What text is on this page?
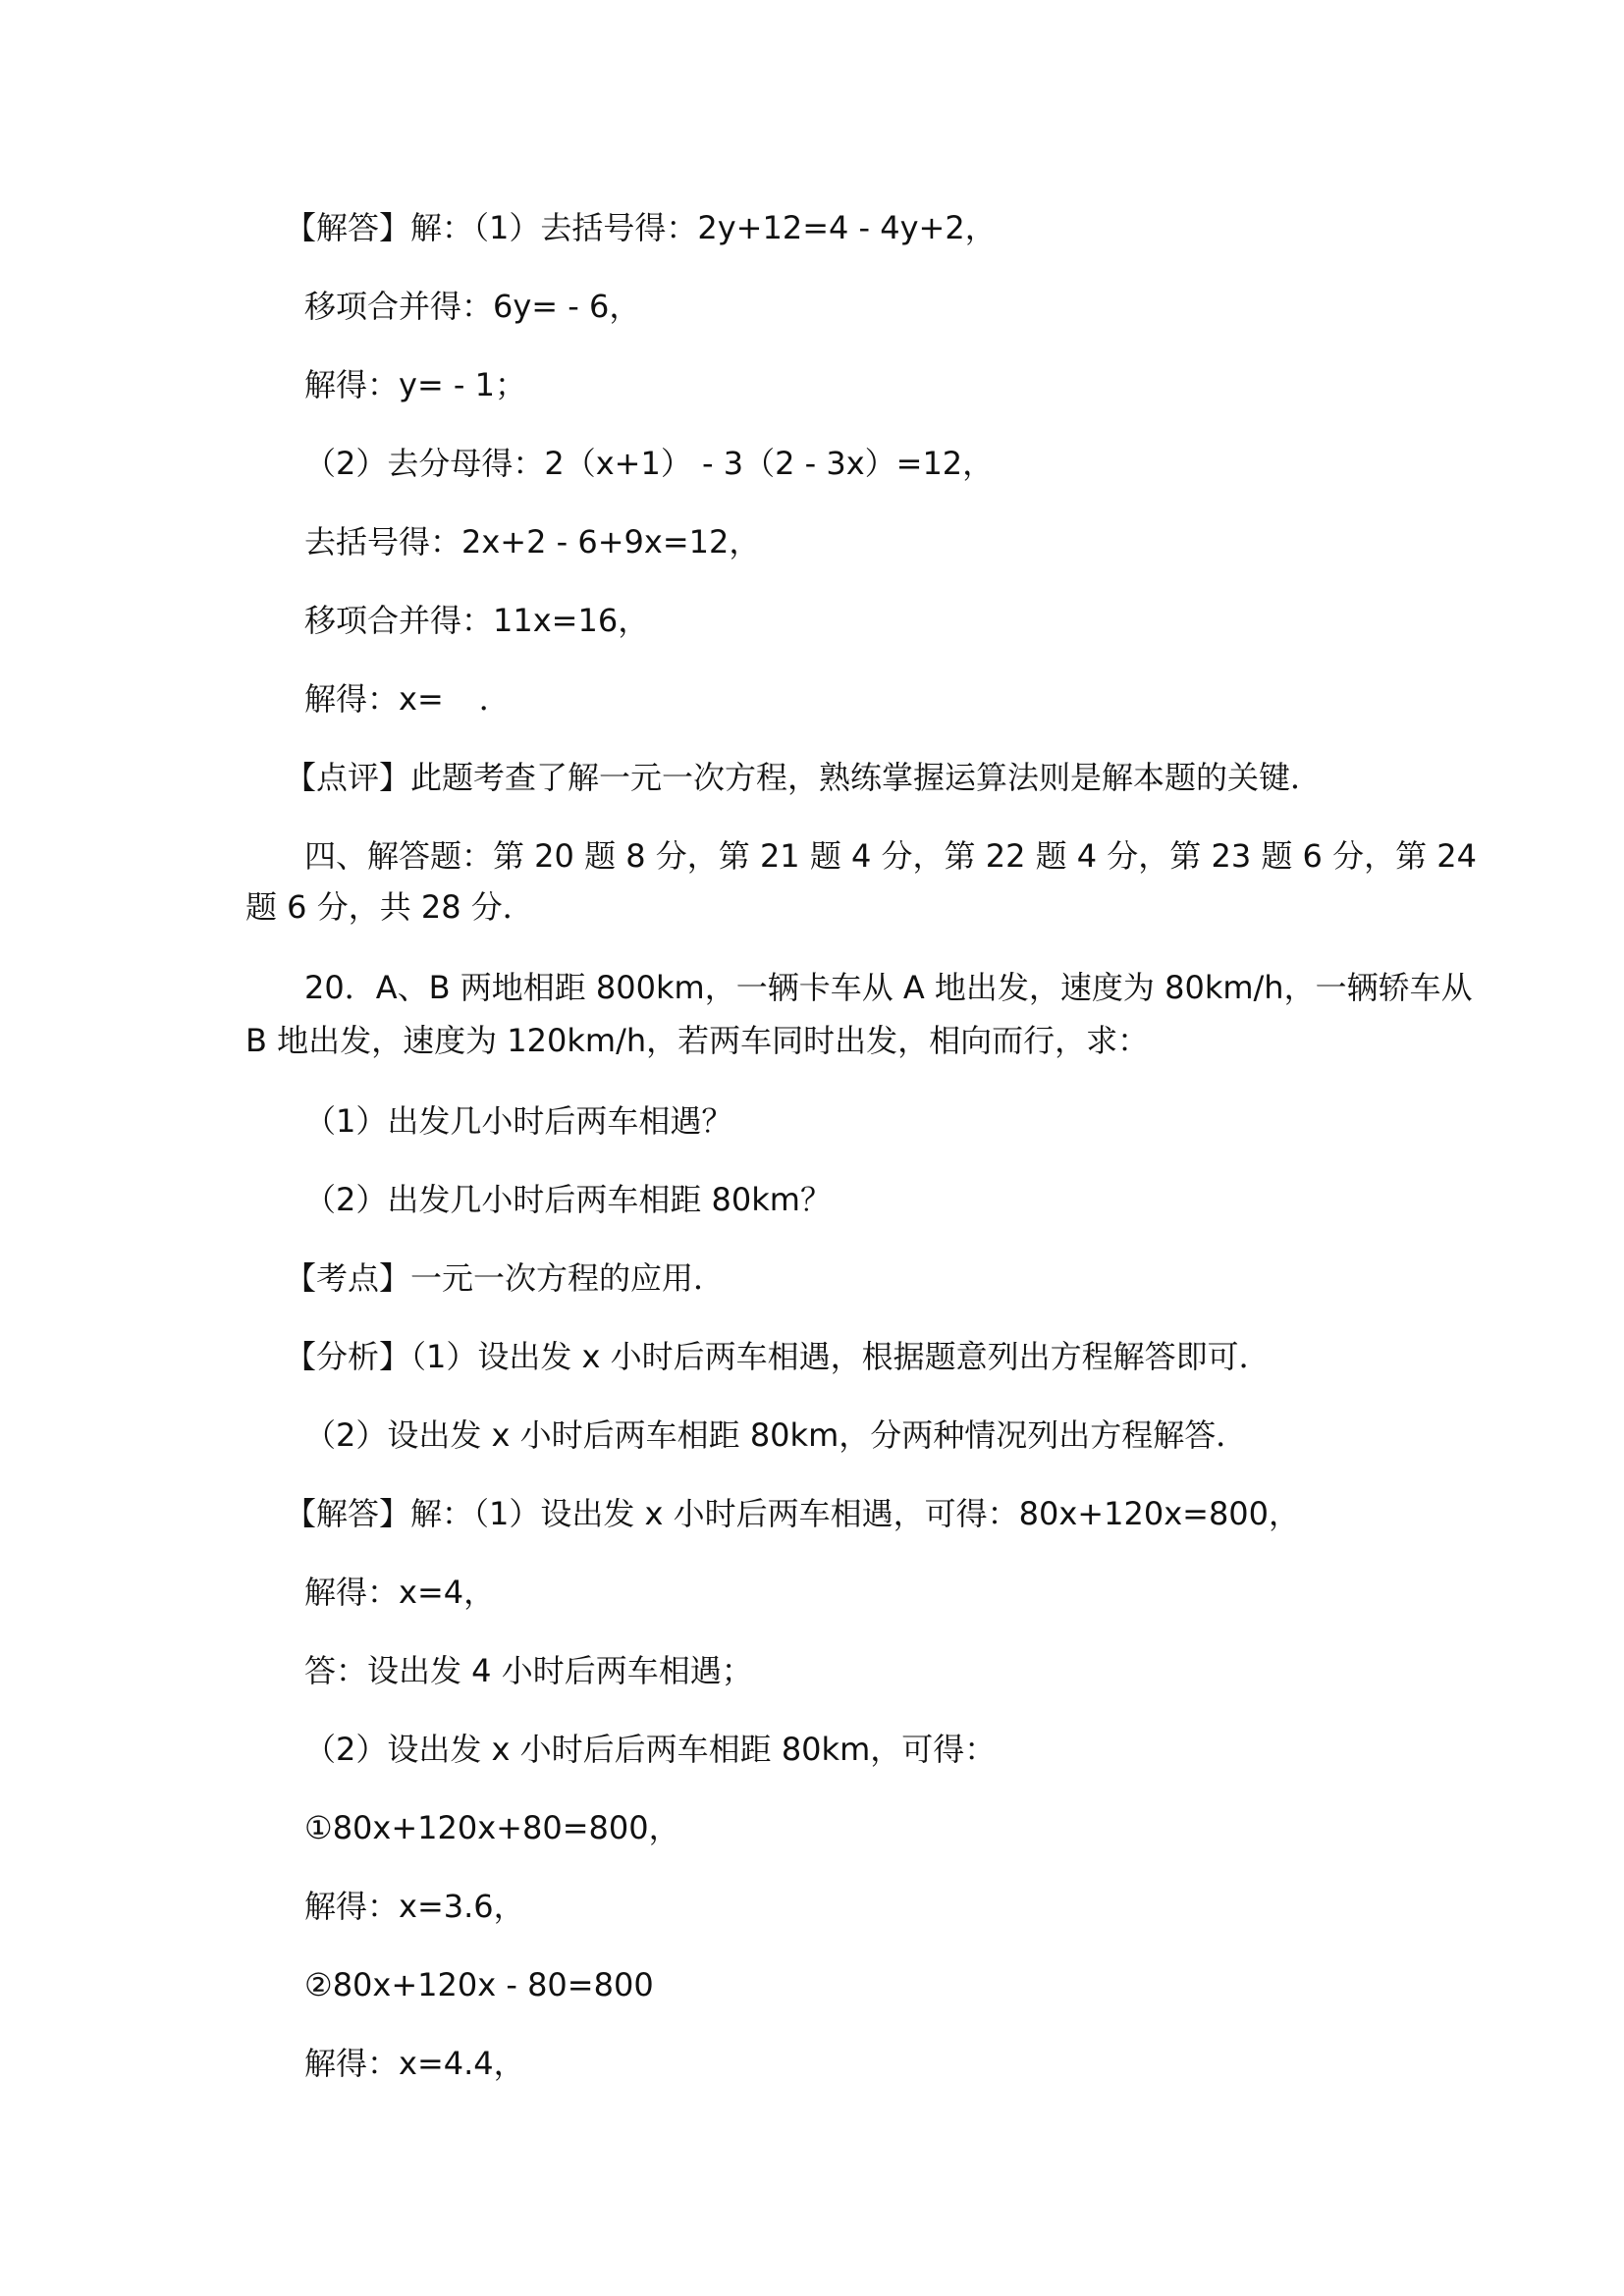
【解答】解：（1）去括号得：2y+12=4 - 4y+2，
移项合并得：6y= - 6，
解得：y= - 1；
（2）去分母得：2（x+1） - 3（2 - 3x）=12，
去括号得：2x+2 - 6+9x=12，
移项合并得：11x=16，
解得：x= ．
【点评】此题考查了解一元一次方程，熟练掌握运算法则是解本题的关键．
四、解答题：第 20 题 8 分，第 21 题 4 分，第 22 题 4 分，第 23 题 6 分，第 24
题 6 分，共 28 分．
20．A、B 两地相距 800km，一辆卡车从 A 地出发，速度为 80km/h，一辆轿车从
B 地出发，速度为 120km/h，若两车同时出发，相向而行，求：
（1）出发几小时后两车相遇？
（2）出发几小时后两车相距 80km？
【考点】一元一次方程的应用．
【分析】（1）设出发 x 小时后两车相遇，根据题意列出方程解答即可．
（2）设出发 x 小时后两车相距 80km，分两种情况列出方程解答．
【解答】解：（1）设出发 x 小时后两车相遇，可得：80x+120x=800，
解得：x=4，
答：设出发 4 小时后两车相遇；
（2）设出发 x 小时后后两车相距 80km，可得：
①80x+120x+80=800，
解得：x=3.6，
②80x+120x - 80=800
解得：x=4.4，
